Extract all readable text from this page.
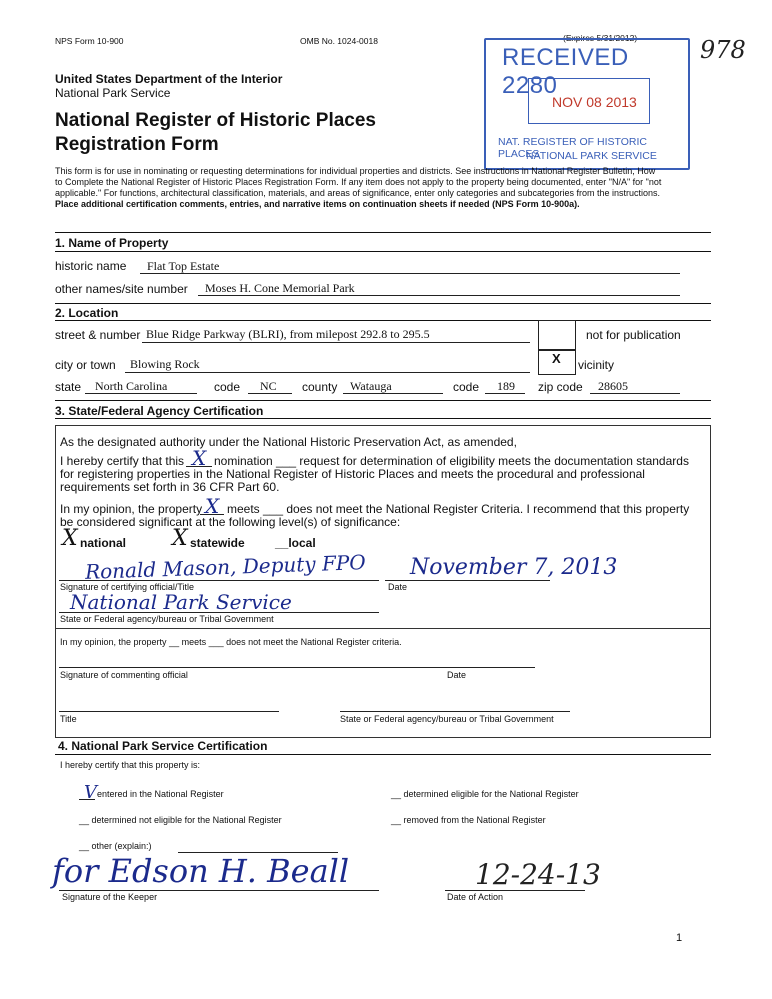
NPS Form 10-900	OMB No. 1024-0018	(Expires 5/31/2012)	978
United States Department of the Interior
National Park Service
National Register of Historic Places
Registration Form
RECEIVED 2280
NOV 08 2013
NAT. REGISTER OF HISTORIC PLACES
NATIONAL PARK SERVICE
This form is for use in nominating or requesting determinations for individual properties and districts. See instructions in National Register Bulletin, How
to Complete the National Register of Historic Places Registration Form. If any item does not apply to the property being documented, enter "N/A" for "not
applicable." For functions, architectural classification, materials, and areas of significance, enter only categories and subcategories from the instructions.
Place additional certification comments, entries, and narrative items on continuation sheets if needed (NPS Form 10-900a).
1. Name of Property
historic name Flat Top Estate
other names/site number Moses H. Cone Memorial Park
2. Location
street & number Blue Ridge Parkway (BLRI), from milepost 292.8 to 295.5	not for publication
city or town Blowing Rock	X vicinity
state North Carolina	code NC county Watauga	code 189 zip code 28605
3. State/Federal Agency Certification
As the designated authority under the National Historic Preservation Act, as amended,
I hereby certify that this X nomination ___ request for determination of eligibility meets the documentation standards
for registering properties in the National Register of Historic Places and meets the procedural and professional
requirements set forth in 36 CFR Part 60.
In my opinion, the property X meets ___ does not meet the National Register Criteria. I recommend that this property
be considered significant at the following level(s) of significance:
X national X statewide	__local
Ronald Mason, Deputy FPO November 7, 2013
Signature of certifying official/Title	Date
National Park Service
State or Federal agency/bureau or Tribal Government
In my opinion, the property __ meets ___ does not meet the National Register criteria.
Signature of commenting official	Date
Title	State or Federal agency/bureau or Tribal Government
4. National Park Service Certification
I hereby certify that this property is:
V entered in the National Register	__ determined eligible for the National Register
__ determined not eligible for the National Register	__ removed from the National Register
__ other (explain:)
for Edson H. Beall	12-24-13
Signature of the Keeper	Date of Action
1
